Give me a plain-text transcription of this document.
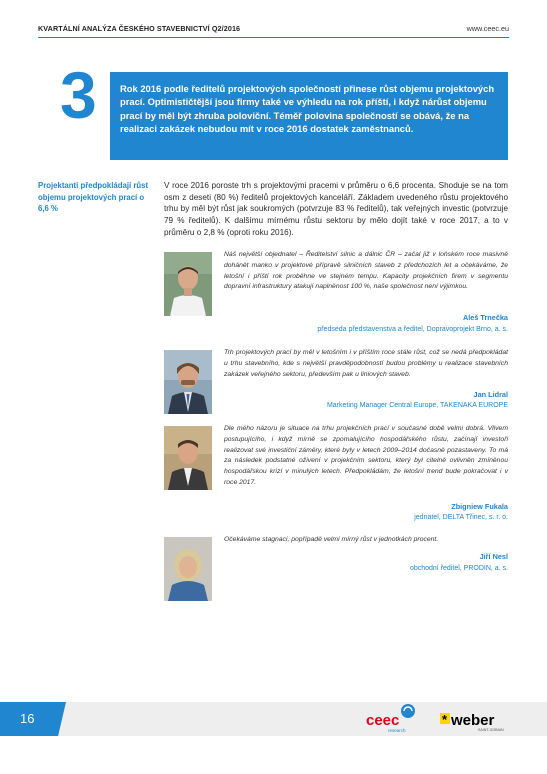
KVARTÁLNÍ ANALÝZA ČESKÉHO STAVEBNICTVÍ Q2/2016	www.ceec.eu
3	Rok 2016 podle ředitelů projektových společností přinese růst objemu projektových prací. Optimističtější jsou firmy také ve výhledu na rok příští, i když nárůst objemu prací by měl být zhruba poloviční. Téměř polovina společností se obává, že na realizaci zakázek nebudou mít v roce 2016 dostatek zaměstnanců.
Projektanti předpokládají růst objemu projektových prací o 6,6 %
V roce 2016 poroste trh s projektovými pracemi v průměru o 6,6 procenta. Shoduje se na tom osm z deseti (80 %) ředitelů projektových kanceláří. Základem uvedeného růstu projektového trhu by měl být růst jak soukromých (potvrzuje 83 % ředitelů), tak veřejných investic (potvrzuje 79 % ředitelů). K dalšímu mírnému růstu sektoru by mělo dojít také v roce 2017, a to v průměru o 2,8 % (oproti roku 2016).
Náš největší objednatel – Ředitelství silnic a dálnic ČR – začal již v loňském roce masivně dohánět manko v projektové přípravě silničních staveb z předchozích let a očekáváme, že letošní i příští rok proběhne ve stejném tempu. Kapacity projekčních firem v segmentu dopravní infrastruktury atakují naplněnost 100 %, naše společnost není výjimkou.
Aleš Trnečka
předseda představenstva a ředitel, Dopravoprojekt Brno, a. s.
Trh projektových prací by měl v letošním i v příštím roce stále růst, což se nedá předpokládat u trhu stavebního, kde s největší pravděpodobností budou problémy u realizace stavebních zakázek veřejného sektoru, především pak u liniových staveb.
Jan Lidral
Marketing Manager Central Europe, TAKENAKA EUROPE
Dle mého názoru je situace na trhu projekčních prací v současné době velmi dobrá. Vlivem postupujícího, i když mírně se zpomalujícího hospodářského růstu, začínají investoři realizovat své investiční záměry, které byly v letech 2009–2014 dočasně pozastaveny. To má za následek podstatné oživení v projekčním sektoru, který byl citelně ovlivněn zmíněnou hospodářskou krizí v minulých letech. Předpokládám, že letošní trend bude pokračovat i v roce 2017.
Zbigniew Fukala
jednatel, DELTA Třinec, s. r. o.
Očekáváme stagnaci, popřípadě velmi mírný růst v jednotkách procent.
Jiří Nesl
obchodní ředitel, PRODIN, a. s.
16	ceec
research
* weber
SAINT-GOBAIN
